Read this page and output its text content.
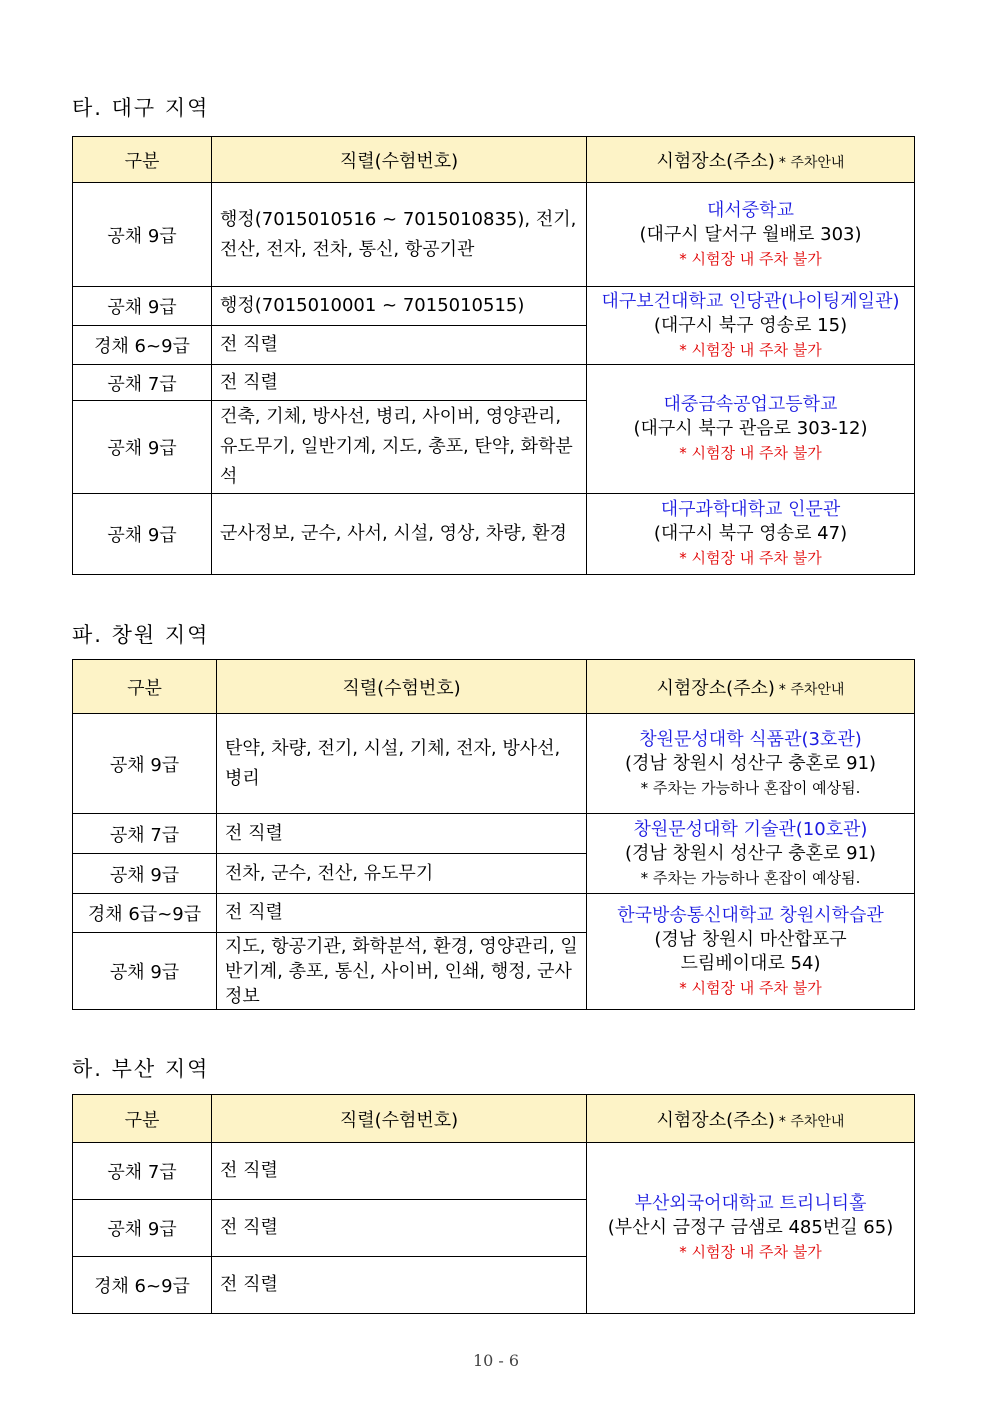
타. 대구 지역
구분	직렬(수험번호)	시험장소(주소) * 주차안내
공채 9급	행정(7015010516 ~ 7015010835), 전기, 전산, 전자, 전차, 통신, 항공기관	대서중학교
(대구시 달서구 월배로 303)
* 시험장 내 주차 불가

공채 9급	행정(7015010001 ~ 7015010515)	대구보건대학교 인당관(나이팅게일관)
(대구시 북구 영송로 15)
* 시험장 내 주차 불가

경채 6~9급	전 직렬	
공채 7급	전 직렬	대중금속공업고등학교
(대구시 북구 관음로 303-12)
* 시험장 내 주차 불가

공채 9급	건축, 기체, 방사선, 병리, 사이버, 영양관리, 유도무기, 일반기계, 지도, 총포, 탄약, 화학분석	
공채 9급	군사정보, 군수, 사서, 시설, 영상, 차량, 환경	대구과학대학교 인문관
(대구시 북구 영송로 47)
* 시험장 내 주차 불가
파. 창원 지역
구분	직렬(수험번호)	시험장소(주소) * 주차안내
공채 9급	탄약, 차량, 전기, 시설, 기체, 전자, 방사선, 병리	창원문성대학 식품관(3호관)
(경남 창원시 성산구 충혼로 91)
* 주차는 가능하나 혼잡이 예상됨.

공채 7급	전 직렬	창원문성대학 기술관(10호관)
(경남 창원시 성산구 충혼로 91)
* 주차는 가능하나 혼잡이 예상됨.

공채 9급	전차, 군수, 전산, 유도무기	
경채 6급~9급	전 직렬	한국방송통신대학교 창원시학습관
(경남 창원시 마산합포구
드림베이대로 54)
* 시험장 내 주차 불가

공채 9급	지도, 항공기관, 화학분석, 환경, 영양관리, 일반기계, 총포, 통신, 사이버, 인쇄, 행정, 군사정보	
하. 부산 지역
구분	직렬(수험번호)	시험장소(주소) * 주차안내
공채 7급	전 직렬	부산외국어대학교 트리니티홀
(부산시 금정구 금샘로 485번길 65)
* 시험장 내 주차 불가

공채 9급	전 직렬	
경채 6~9급	전 직렬	
10 - 6
